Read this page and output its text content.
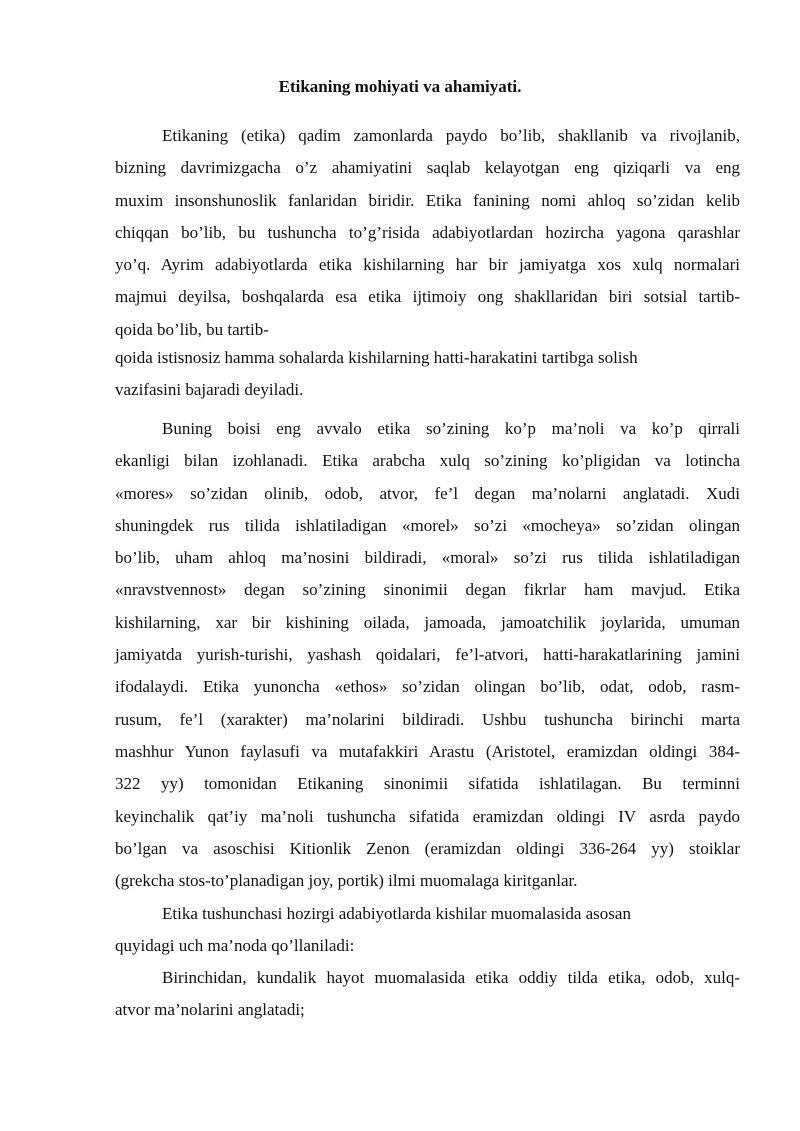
Etikaning mohiyati va ahamiyati.
Etikaning (etika) qadim zamonlarda paydo bo’lib, shakllanib va rivojlanib,
bizning davrimizgacha o’z ahamiyatini saqlab kelayotgan eng qiziqarli va eng
muxim insonshunoslik fanlaridan biridir. Etika fanining nomi ahloq so’zidan kelib
chiqqan bo’lib, bu tushuncha to’g’risida adabiyotlardan hozircha yagona qarashlar
yo’q. Ayrim adabiyotlarda etika kishilarning har bir jamiyatga xos xulq normalari
majmui deyilsa, boshqalarda esa etika ijtimoiy ong shakllaridan biri sotsial tartib-
qoida bo’lib, bu tartib-
qoida istisnosiz hamma sohalarda kishilarning hatti-harakatini tartibga solish
vazifasini bajaradi deyiladi.
Buning boisi eng avvalo etika so’zining ko’p ma’noli va ko’p qirrali
ekanligi bilan izohlanadi. Etika arabcha xulq so’zining ko’pligidan va lotincha
«mores» so’zidan olinib, odob, atvor, fe’l degan ma’nolarni anglatadi. Xudi
shuningdek rus tilida ishlatiladigan «morel» so’zi «mocheya» so’zidan olingan
bo’lib, uham ahloq ma’nosini bildiradi, «moral» so’zi rus tilida ishlatiladigan
«nravstvennost» degan so’zining sinonimii degan fikrlar ham mavjud. Etika
kishilarning, xar bir kishining oilada, jamoada, jamoatchilik joylarida, umuman
jamiyatda yurish-turishi, yashash qoidalari, fe’l-atvori, hatti-harakatlarining jamini
ifodalaydi. Etika yunoncha «ethos» so’zidan olingan bo’lib, odat, odob, rasm-
rusum, fe’l (xarakter) ma’nolarini bildiradi. Ushbu tushuncha birinchi marta
mashhur Yunon faylasufi va mutafakkiri Arastu (Aristotel, eramizdan oldingi 384-
322 yy) tomonidan Etikaning sinonimii sifatida ishlatilagan. Bu terminni
keyinchalik qat’iy ma’noli tushuncha sifatida eramizdan oldingi IV asrda paydo
bo’lgan va asoschisi Kitionlik Zenon (eramizdan oldingi 336-264 yy) stoiklar
(grekcha stos-to’planadigan joy, portik) ilmi muomalaga kiritganlar.
Etika tushunchasi hozirgi adabiyotlarda kishilar muomalasida asosan
quyidagi uch ma’noda qo’llaniladi:
Birinchidan, kundalik hayot muomalasida etika oddiy tilda etika, odob, xulq-
atvor ma’nolarini anglatadi;
